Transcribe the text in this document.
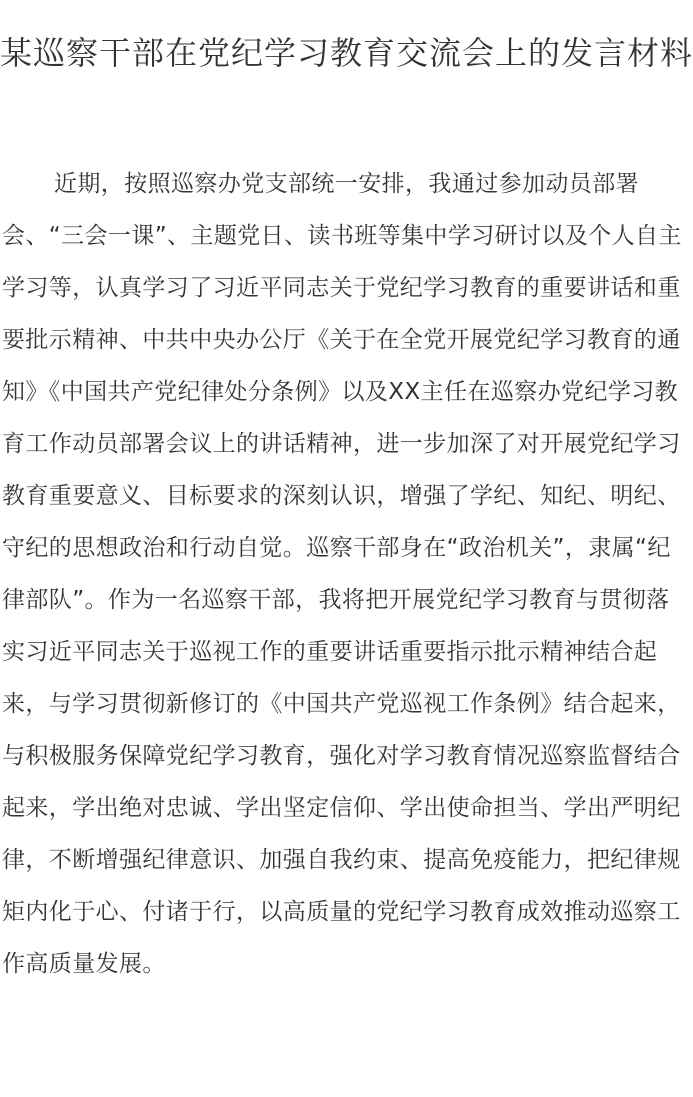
某巡察干部在党纪学习教育交流会上的发言材料

近期，按照巡察办党支部统一安排，我通过参加动员部署会、“三会一课”、主题党日、读书班等集中学习研讨以及个人自主学习等，认真学习了习近平同志关于党纪学习教育的重要讲话和重要批示精神、中共中央办公厅《关于在全党开展党纪学习教育的通知》《中国共产党纪律处分条例》以及XX主任在巡察办党纪学习教育工作动员部署会议上的讲话精神，进一步加深了对开展党纪学习教育重要意义、目标要求的深刻认识，增强了学纪、知纪、明纪、守纪的思想政治和行动自觉。巡察干部身在“政治机关”，隶属“纪律部队”。作为一名巡察干部，我将把开展党纪学习教育与贯彻落实习近平同志关于巡视工作的重要讲话重要指示批示精神结合起来，与学习贯彻新修订的《中国共产党巡视工作条例》结合起来，与积极服务保障党纪学习教育，强化对学习教育情况巡察监督结合起来，学出绝对忠诚、学出坚定信仰、学出使命担当、学出严明纪律，不断增强纪律意识、加强自我约束、提高免疫能力，把纪律规矩内化于心、付诸于行，以高质量的党纪学习教育成效推动巡察工作高质量发展。
